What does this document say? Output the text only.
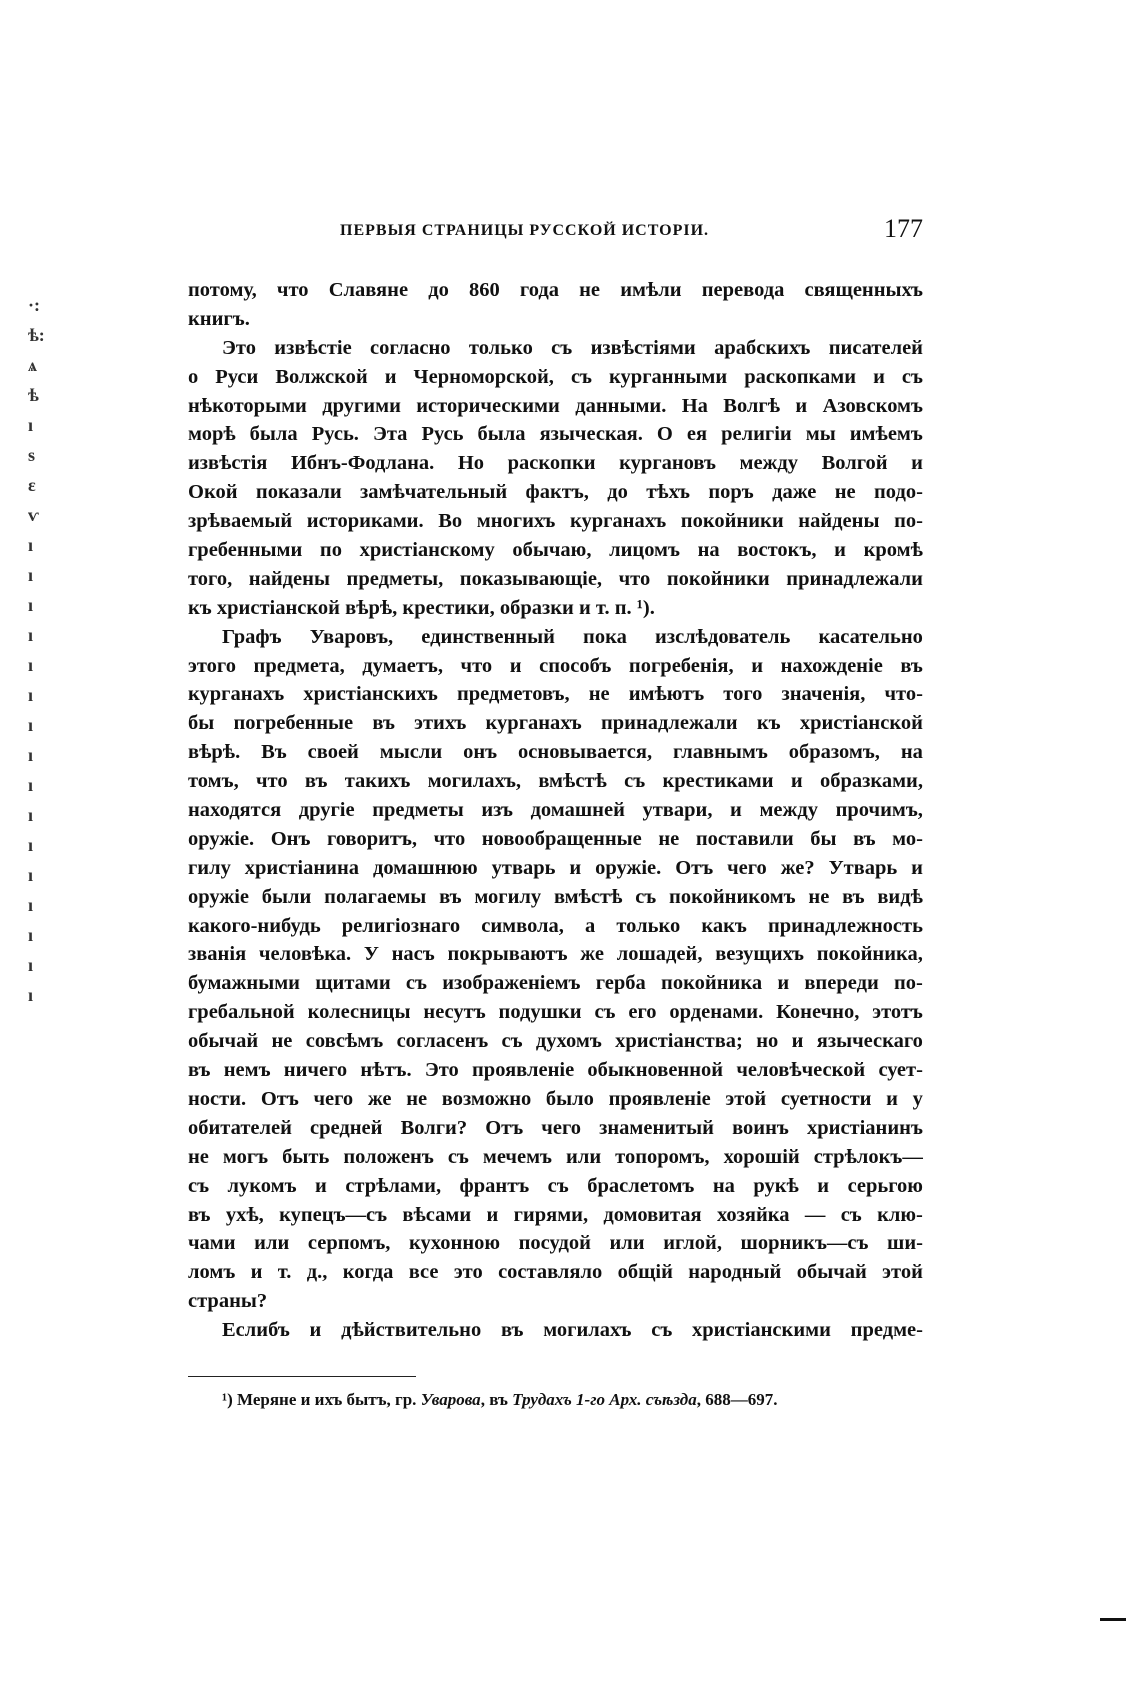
·:
ѣ:
ѧ
ѣ
ı
ѕ
ε
ѵ
ı
ı
ı
ı
ı
ı
ı
ı
ı
ı
ı
ı
ı
ı
ı
ı
ПЕРВЫЯ СТРАНИЦЫ РУССКОЙ ИСТОРІИ.	177
потому, что Славяне до 860 года не имѣли перевода священныхъ
книгъ.
Это извѣстіе согласно только съ извѣстіями арабскихъ писателей
о Руси Волжской и Черноморской, съ курганными раскопками и съ
нѣкоторыми другими историческими данными. На Волгѣ и Азовскомъ
морѣ была Русь. Эта Русь была языческая. О ея религіи мы имѣемъ
извѣстія Ибнъ-Фодлана. Но раскопки кургановъ между Волгой и
Окой показали замѣчательный фактъ, до тѣхъ поръ даже не подо-
зрѣваемый историками. Во многихъ курганахъ покойники найдены по-
гребенными по христіанскому обычаю, лицомъ на востокъ, и кромѣ
того, найдены предметы, показывающіе, что покойники принадлежали
къ христіанской вѣрѣ, крестики, образки и т. п. ¹).
Графъ Уваровъ, единственный пока изслѣдователь касательно
этого предмета, думаетъ, что и способъ погребенія, и нахожденіе въ
курганахъ христіанскихъ предметовъ, не имѣютъ того значенія, что-
бы погребенные въ этихъ курганахъ принадлежали къ христіанской
вѣрѣ. Въ своей мысли онъ основывается, главнымъ образомъ, на
томъ, что въ такихъ могилахъ, вмѣстѣ съ крестиками и образками,
находятся другіе предметы изъ домашней утвари, и между прочимъ,
оружіе. Онъ говоритъ, что новообращенные не поставили бы въ мо-
гилу христіанина домашнюю утварь и оружіе. Отъ чего же? Утварь и
оружіе были полагаемы въ могилу вмѣстѣ съ покойникомъ не въ видѣ
какого-нибудь религіознаго символа, а только какъ принадлежность
званія человѣка. У насъ покрываютъ же лошадей, везущихъ покойника,
бумажными щитами съ изображеніемъ герба покойника и впереди по-
гребальной колесницы несутъ подушки съ его орденами. Конечно, этотъ
обычай не совсѣмъ согласенъ съ духомъ христіанства; но и языческаго
въ немъ ничего нѣтъ. Это проявленіе обыкновенной человѣческой сует-
ности. Отъ чего же не возможно было проявленіе этой суетности и у
обитателей средней Волги? Отъ чего знаменитый воинъ христіанинъ
не могъ быть положенъ съ мечемъ или топоромъ, хорошій стрѣлокъ—
съ лукомъ и стрѣлами, франтъ съ браслетомъ на рукѣ и серьгою
въ ухѣ, купецъ—съ вѣсами и гирями, домовитая хозяйка — съ клю-
чами или серпомъ, кухонною посудой или иглой, шорникъ—съ ши-
ломъ и т. д., когда все это составляло общій народный обычай этой
страны?
Еслибъ и дѣйствительно въ могилахъ съ христіанскими предме-
¹) Меряне и ихъ бытъ, гр. Уварова, въ Трудахъ 1-го Арх. съѣзда, 688—697.
